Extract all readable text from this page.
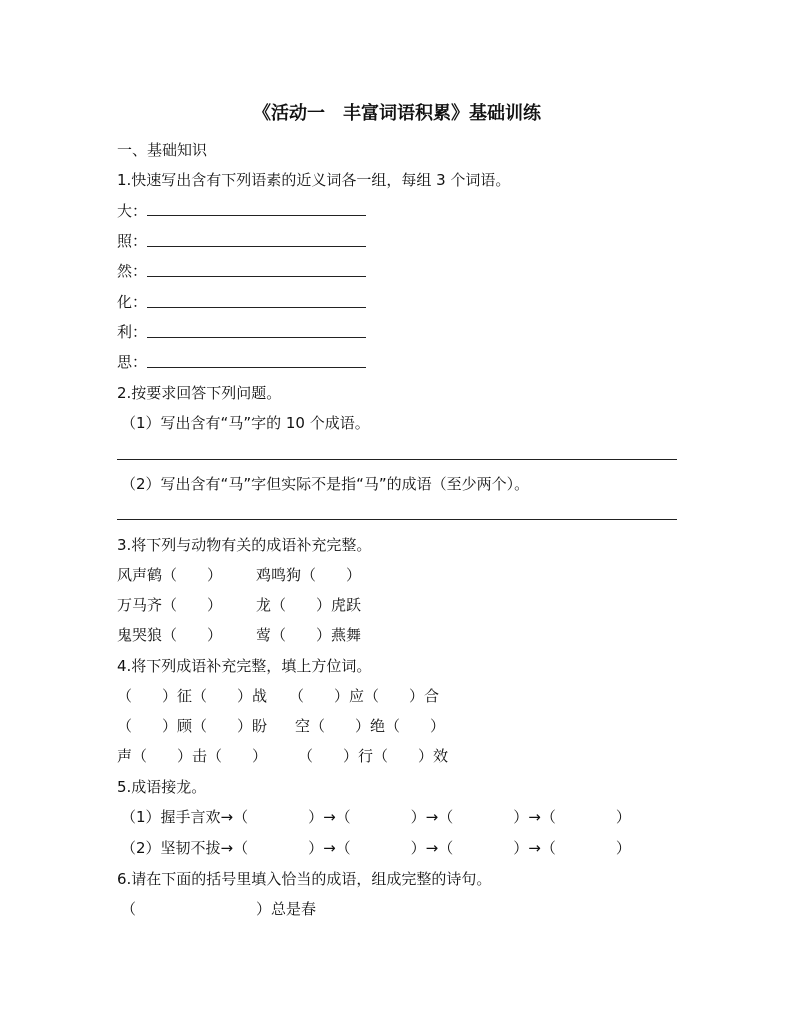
《活动一　丰富词语积累》基础训练
一、基础知识
1.快速写出含有下列语素的近义词各一组，每组 3 个词语。
大：
照：
然：
化：
利：
思：
2.按要求回答下列问题。
（1）写出含有“马”字的 10 个成语。
（2）写出含有“马”字但实际不是指“马”的成语（至少两个）。
3.将下列与动物有关的成语补充完整。
风声鹤（　　） 鸡鸣狗（　　）
万马齐（　　） 龙（　　）虎跃
鬼哭狼（　　） 莺（　　）燕舞
4.将下列成语补充完整，填上方位词。
（　　）征（　　）战 （　　）应（　　）合
（　　）顾（　　）盼 空（　　）绝（　　）
声（　　）击（　　） （　　）行（　　）效
5.成语接龙。
（1）握手言欢→（　　　　）→（　　　　）→（　　　　）→（　　　　）
（2）坚韧不拔→（　　　　）→（　　　　）→（　　　　）→（　　　　）
6.请在下面的括号里填入恰当的成语，组成完整的诗句。
（　　　　　　　　）总是春
